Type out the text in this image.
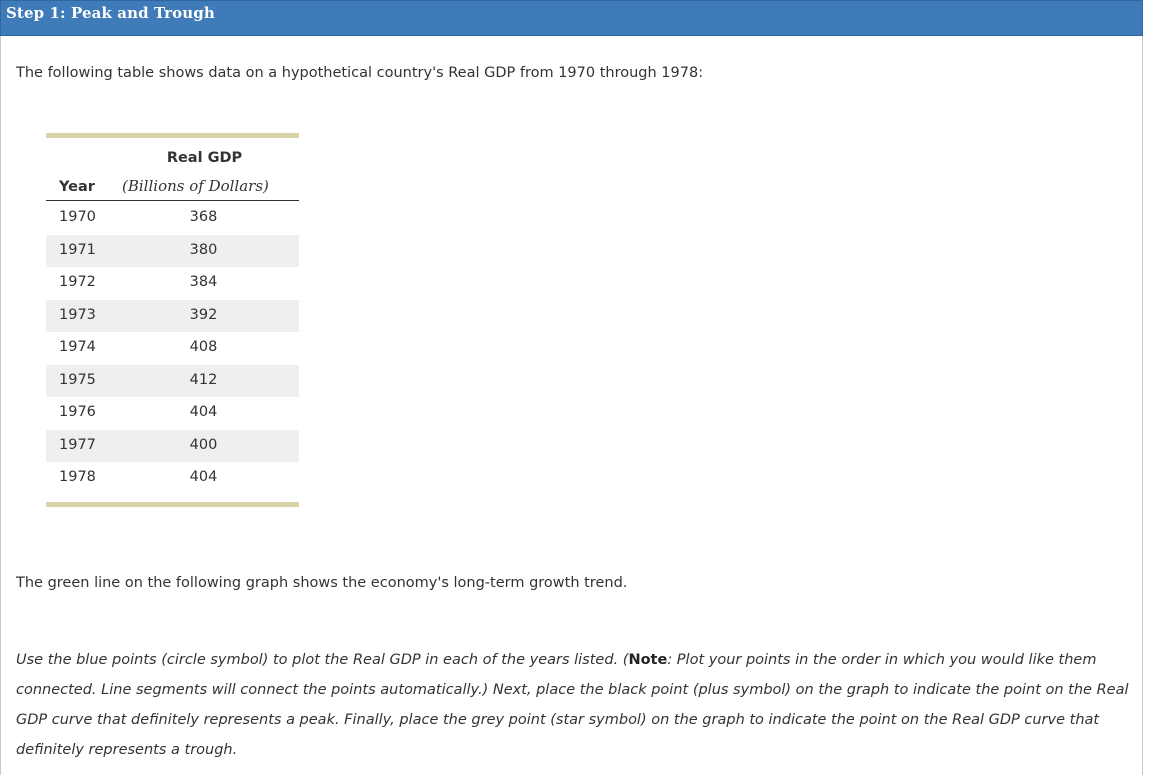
Step 1: Peak and Trough
The following table shows data on a hypothetical country's Real GDP from 1970 through 1978:
Real GDP
Year (Billions of Dollars)
1970	368
1971	380
1972	384
1973	392
1974	408
1975	412
1976	404
1977	400
1978	404
The green line on the following graph shows the economy's long-term growth trend.
Use the blue points (circle symbol) to plot the Real GDP in each of the years listed. (Note: Plot your points in the order in which you would like them connected. Line segments will connect the points automatically.) Next, place the black point (plus symbol) on the graph to indicate the point on the Real GDP curve that definitely represents a peak. Finally, place the grey point (star symbol) on the graph to indicate the point on the Real GDP curve that definitely represents a trough.
